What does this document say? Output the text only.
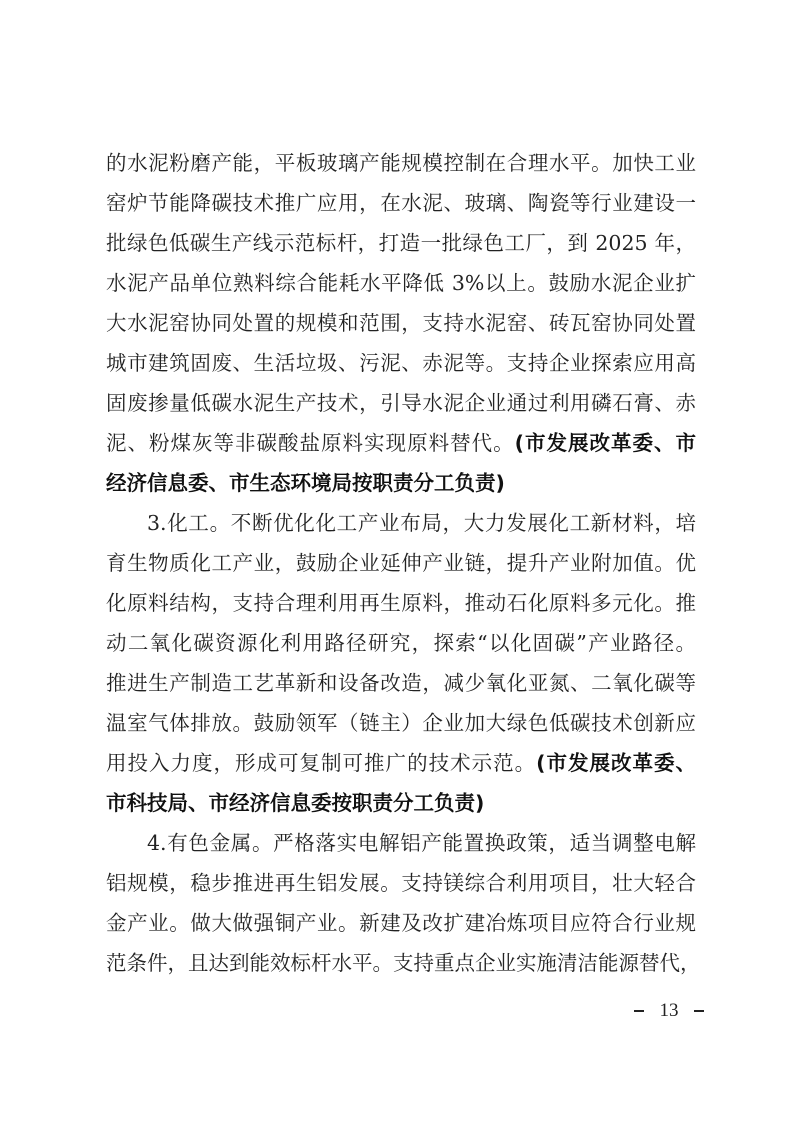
的水泥粉磨产能，平板玻璃产能规模控制在合理水平。加快工业
窑炉节能降碳技术推广应用，在水泥、玻璃、陶瓷等行业建设一
批绿色低碳生产线示范标杆，打造一批绿色工厂，到 2025 年，
水泥产品单位熟料综合能耗水平降低 3%以上。鼓励水泥企业扩
大水泥窑协同处置的规模和范围，支持水泥窑、砖瓦窑协同处置
城市建筑固废、生活垃圾、污泥、赤泥等。支持企业探索应用高
固废掺量低碳水泥生产技术，引导水泥企业通过利用磷石膏、赤
泥、粉煤灰等非碳酸盐原料实现原料替代。(市发展改革委、市
经济信息委、市生态环境局按职责分工负责)
3.化工。不断优化化工产业布局，大力发展化工新材料，培
育生物质化工产业，鼓励企业延伸产业链，提升产业附加值。优
化原料结构，支持合理利用再生原料，推动石化原料多元化。推
动二氧化碳资源化利用路径研究，探索“以化固碳”产业路径。
推进生产制造工艺革新和设备改造，减少氧化亚氮、二氧化碳等
温室气体排放。鼓励领军（链主）企业加大绿色低碳技术创新应
用投入力度，形成可复制可推广的技术示范。(市发展改革委、
市科技局、市经济信息委按职责分工负责)
4.有色金属。严格落实电解铝产能置换政策，适当调整电解
铝规模，稳步推进再生铝发展。支持镁综合利用项目，壮大轻合
金产业。做大做强铜产业。新建及改扩建冶炼项目应符合行业规
范条件，且达到能效标杆水平。支持重点企业实施清洁能源替代，
13
